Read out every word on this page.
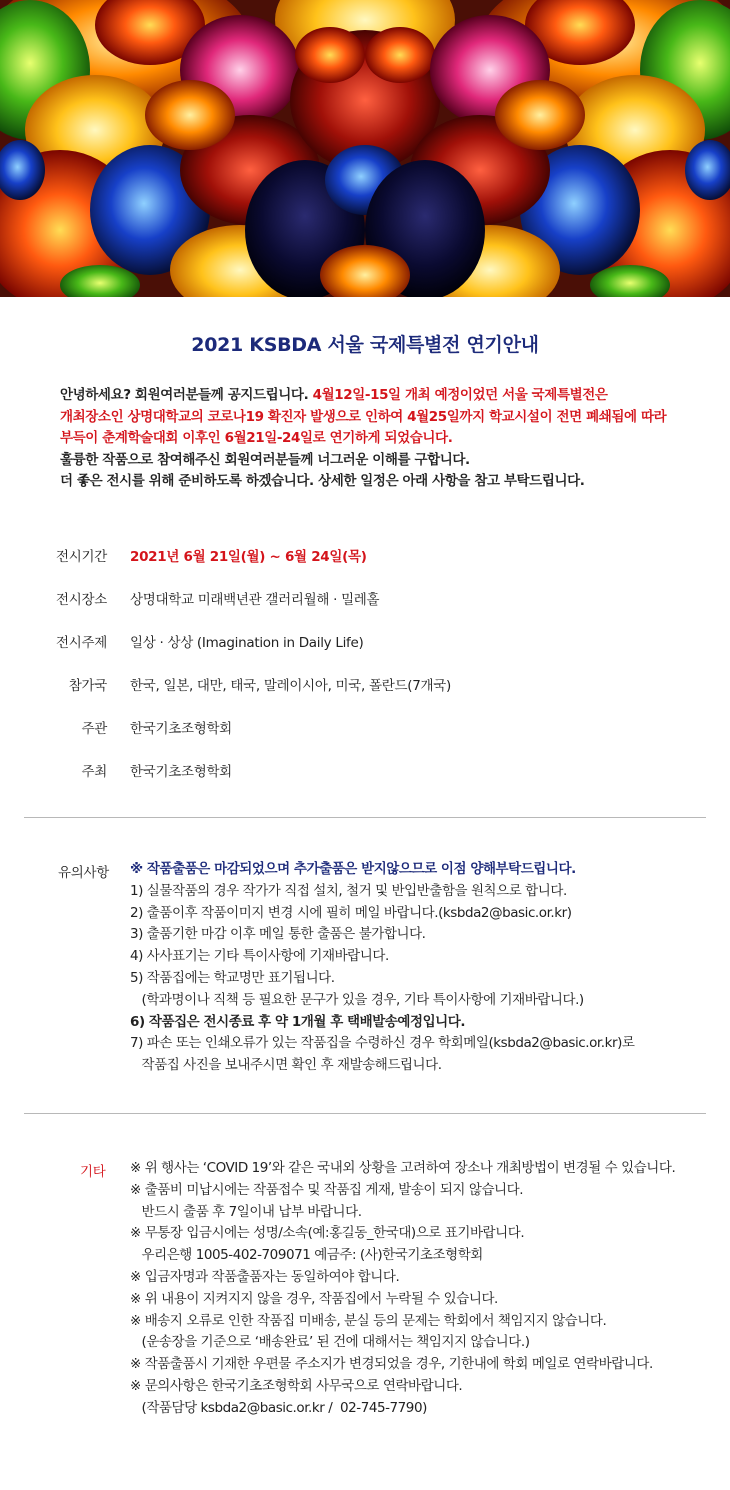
2021 KSBDA 서울 국제특별전 연기안내
안녕하세요? 회원여러분들께 공지드립니다. 4월12일-15일 개최 예정이었던 서울 국제특별전은
개최장소인 상명대학교의 코로나19 확진자 발생으로 인하여 4월25일까지 학교시설이 전면 폐쇄됨에 따라
부득이 춘계학술대회 이후인 6월21일-24일로 연기하게 되었습니다.
훌륭한 작품으로 참여해주신 회원여러분들께 너그러운 이해를 구합니다.
더 좋은 전시를 위해 준비하도록 하겠습니다. 상세한 일정은 아래 사항을 참고 부탁드립니다.
전시기간 2021년 6월 21일(월) ~ 6월 24일(목)
전시장소 상명대학교 미래백년관 갤러리월해 · 밀레홀
전시주제 일상 · 상상 (Imagination in Daily Life)
참가국 한국, 일본, 대만, 태국, 말레이시아, 미국, 폴란드(7개국)
주관 한국기초조형학회
주최 한국기초조형학회
유의사항 ※ 작품출품은 마감되었으며 추가출품은 받지않으므로 이점 양해부탁드립니다.
1) 실물작품의 경우 작가가 직접 설치, 철거 및 반입반출함을 원칙으로 합니다.
2) 출품이후 작품이미지 변경 시에 필히 메일 바랍니다.(ksbda2@basic.or.kr)
3) 출품기한 마감 이후 메일 통한 출품은 불가합니다.
4) 사사표기는 기타 특이사항에 기재바랍니다.
5) 작품집에는 학교명만 표기됩니다.
(학과명이나 직책 등 필요한 문구가 있을 경우, 기타 특이사항에 기재바랍니다.)
6) 작품집은 전시종료 후 약 1개월 후 택배발송예정입니다.
7) 파손 또는 인쇄오류가 있는 작품집을 수령하신 경우 학회메일(ksbda2@basic.or.kr)로
작품집 사진을 보내주시면 확인 후 재발송해드립니다.
기타 ※ 위 행사는 ‘COVID 19’와 같은 국내외 상황을 고려하여 장소나 개최방법이 변경될 수 있습니다.
※ 출품비 미납시에는 작품접수 및 작품집 게재, 발송이 되지 않습니다.
반드시 출품 후 7일이내 납부 바랍니다.
※ 무통장 입금시에는 성명/소속(예:홍길동_한국대)으로 표기바랍니다.
우리은행 1005-402-709071 예금주: (사)한국기초조형학회
※ 입금자명과 작품출품자는 동일하여야 합니다.
※ 위 내용이 지켜지지 않을 경우, 작품집에서 누락될 수 있습니다.
※ 배송지 오류로 인한 작품집 미배송, 분실 등의 문제는 학회에서 책임지지 않습니다.
(운송장을 기준으로 ‘배송완료’ 된 건에 대해서는 책임지지 않습니다.)
※ 작품출품시 기재한 우편물 주소지가 변경되었을 경우, 기한내에 학회 메일로 연락바랍니다.
※ 문의사항은 한국기초조형학회 사무국으로 연락바랍니다.
(작품담당 ksbda2@basic.or.kr /  02-745-7790)
